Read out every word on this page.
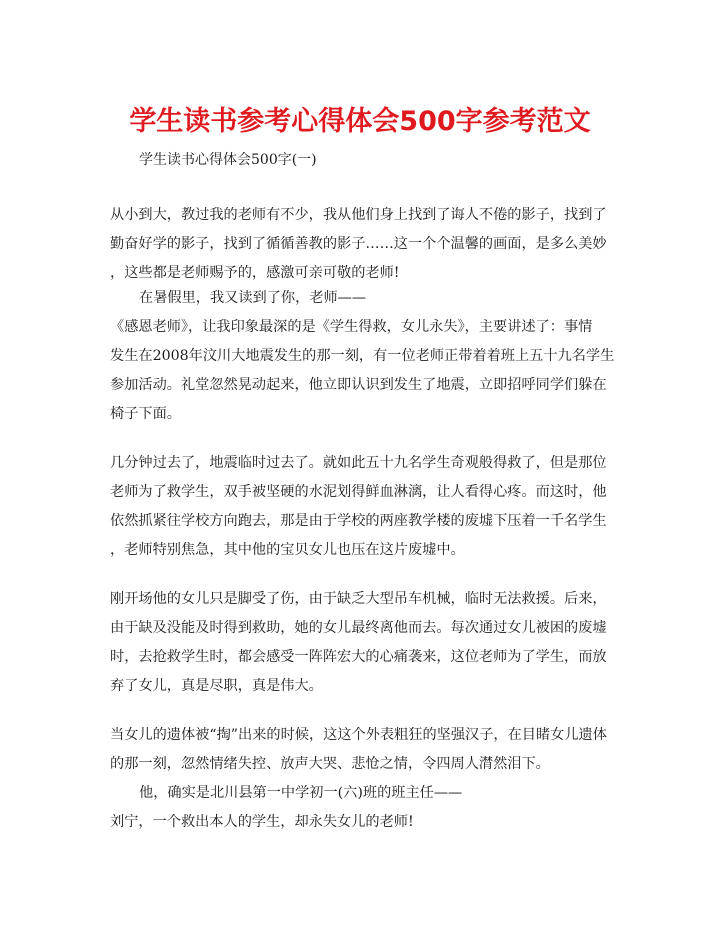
学生读书参考心得体会500字参考范文
学生读书心得体会500字(一)
从小到大，教过我的老师有不少，我从他们身上找到了诲人不倦的影子，找到了
勤奋好学的影子，找到了循循善教的影子……这一个个温馨的画面，是多么美妙
，这些都是老师赐予的，感激可亲可敬的老师!
在暑假里，我又读到了你，老师——
《感恩老师》，让我印象最深的是《学生得救，女儿永失》，主要讲述了：事情
发生在2008年汶川大地震发生的那一刻，有一位老师正带着着班上五十九名学生
参加活动。礼堂忽然晃动起来，他立即认识到发生了地震，立即招呼同学们躲在
椅子下面。
几分钟过去了，地震临时过去了。就如此五十九名学生奇观般得救了，但是那位
老师为了救学生，双手被坚硬的水泥划得鲜血淋漓，让人看得心疼。而这时，他
依然抓紧往学校方向跑去，那是由于学校的两座教学楼的废墟下压着一千名学生
，老师特别焦急，其中他的宝贝女儿也压在这片废墟中。
刚开场他的女儿只是脚受了伤，由于缺乏大型吊车机械，临时无法救援。后来，
由于缺及没能及时得到救助，她的女儿最终离他而去。每次通过女儿被困的废墟
时，去抢救学生时，都会感受一阵阵宏大的心痛袭来，这位老师为了学生，而放
弃了女儿，真是尽职，真是伟大。
当女儿的遗体被“掏”出来的时候，这这个外表粗狂的坚强汉子，在目睹女儿遗体
的那一刻，忽然情绪失控、放声大哭、悲怆之情，令四周人潸然泪下。
他，确实是北川县第一中学初一(六)班的班主任——
刘宁，一个救出本人的学生，却永失女儿的老师!
